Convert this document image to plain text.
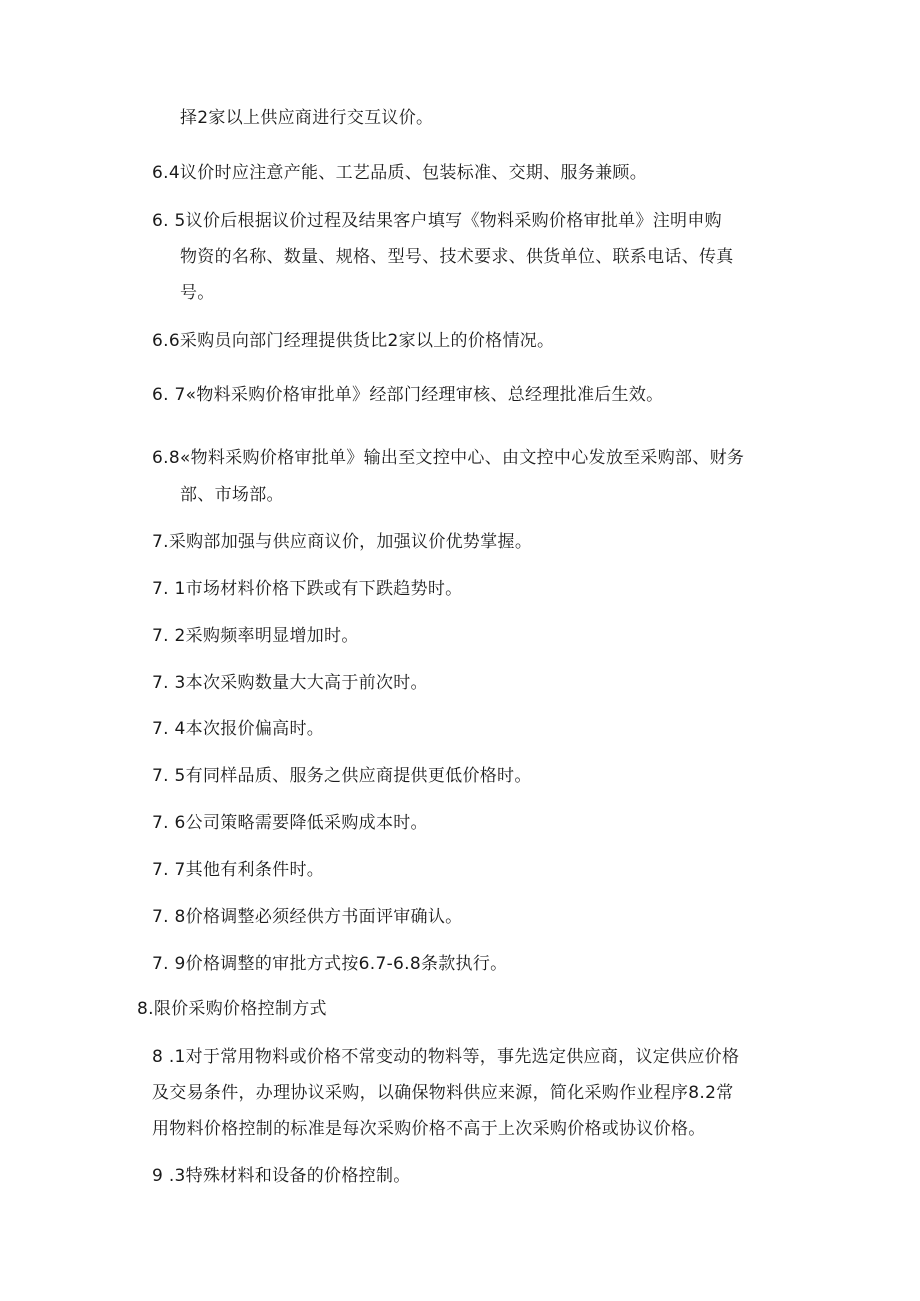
择2家以上供应商进行交互议价。
6.4议价时应注意产能、工艺品质、包装标准、交期、服务兼顾。
6. 5议价后根据议价过程及结果客户填写《物料采购价格审批单》注明申购
物资的名称、数量、规格、型号、技术要求、供货单位、联系电话、传真
号。
6.6采购员向部门经理提供货比2家以上的价格情况。
6. 7«物料采购价格审批单》经部门经理审核、总经理批准后生效。
6.8«物料采购价格审批单》输出至文控中心、由文控中心发放至采购部、财务
部、市场部。
7.采购部加强与供应商议价，加强议价优势掌握。
7. 1市场材料价格下跌或有下跌趋势时。
7. 2采购频率明显增加时。
7. 3本次采购数量大大高于前次时。
7. 4本次报价偏高时。
7. 5有同样品质、服务之供应商提供更低价格时。
7. 6公司策略需要降低采购成本时。
7. 7其他有利条件时。
7. 8价格调整必须经供方书面评审确认。
7. 9价格调整的审批方式按6.7-6.8条款执行。
8.限价采购价格控制方式
8 .1对于常用物料或价格不常变动的物料等，事先选定供应商，议定供应价格
及交易条件，办理协议采购，以确保物料供应来源，简化采购作业程序8.2常
用物料价格控制的标准是每次采购价格不高于上次采购价格或协议价格。
9 .3特殊材料和设备的价格控制。
